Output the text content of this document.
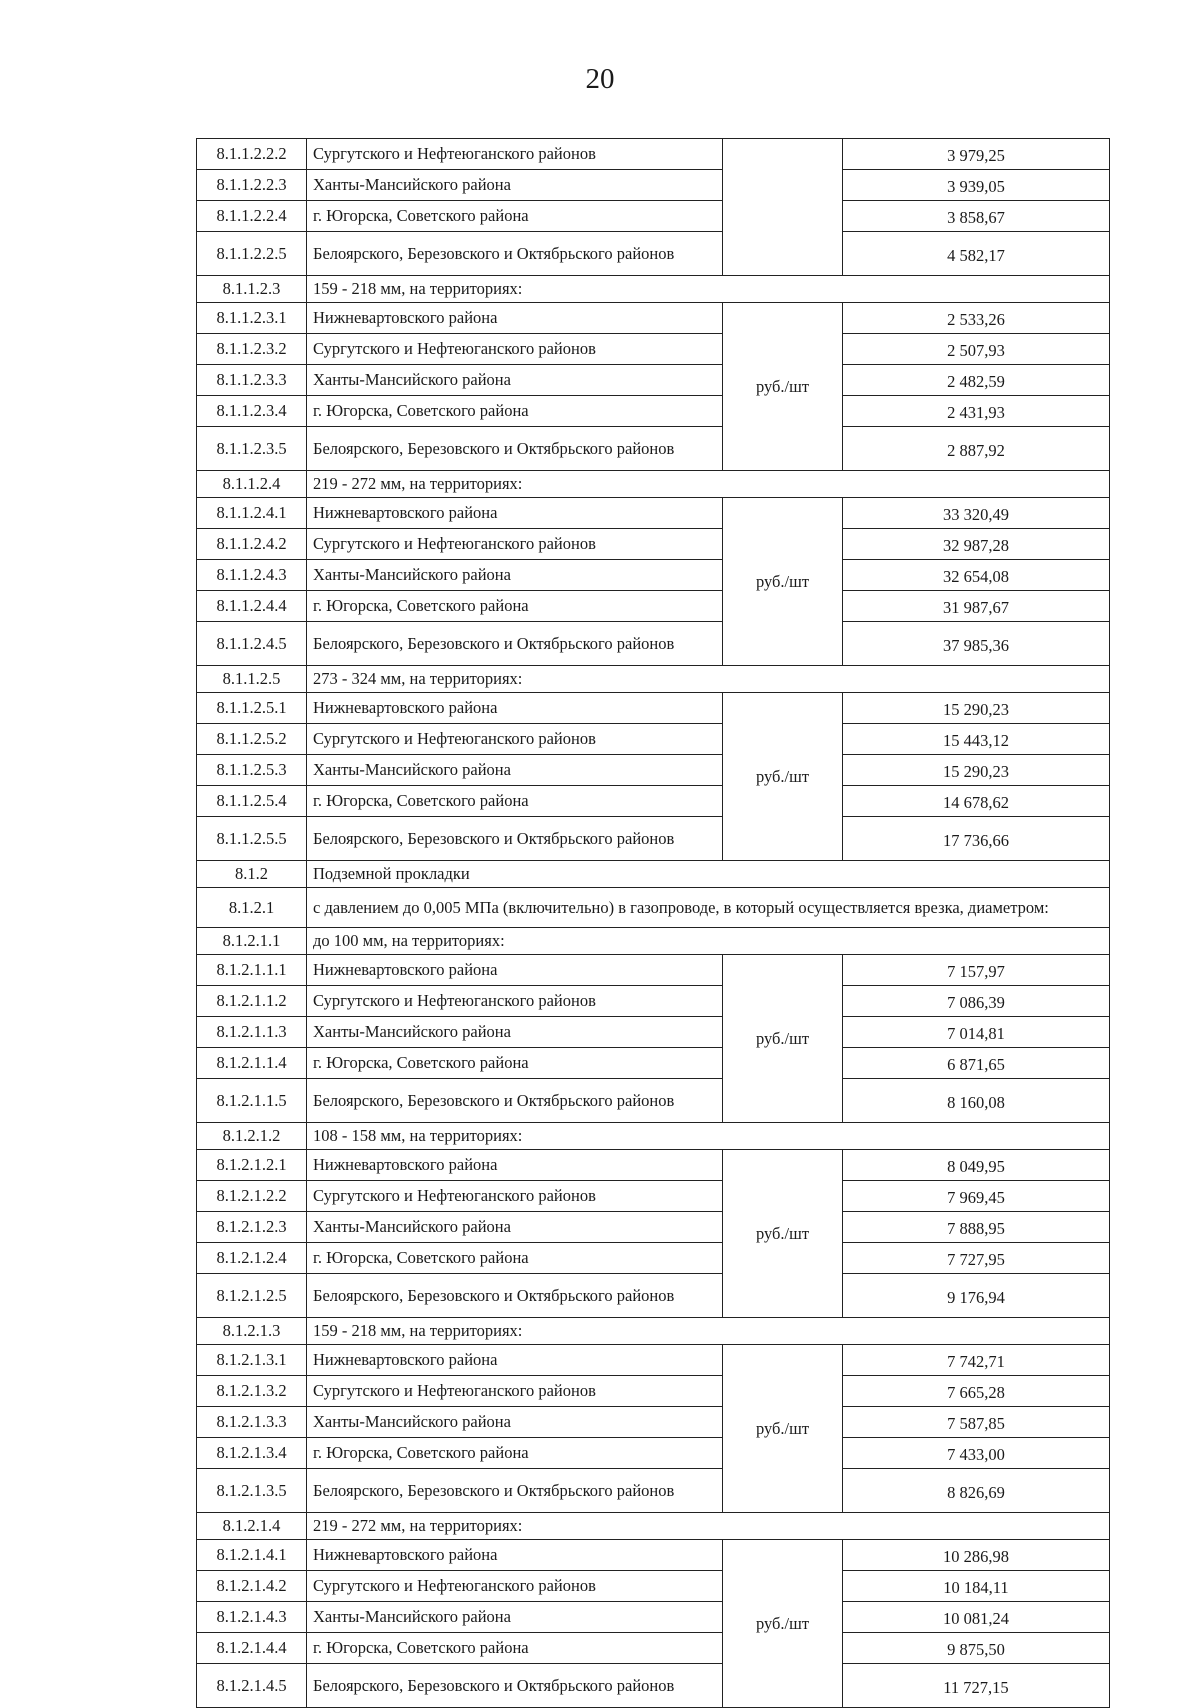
20
8.1.1.2.2.2	Сургутского и Нефтеюганского районов		3 979,25
8.1.1.2.2.3	Ханты-Мансийского района		3 939,05
8.1.1.2.2.4	г. Югорска, Советского района		3 858,67
8.1.1.2.2.5	Белоярского, Березовского и Октябрьского районов		4 582,17
8.1.1.2.3	159 - 218 мм, на территориях:		
8.1.1.2.3.1	Нижневартовского района	руб./шт	2 533,26
8.1.1.2.3.2	Сургутского и Нефтеюганского районов		2 507,93
8.1.1.2.3.3	Ханты-Мансийского района		2 482,59
8.1.1.2.3.4	г. Югорска, Советского района		2 431,93
8.1.1.2.3.5	Белоярского, Березовского и Октябрьского районов		2 887,92
8.1.1.2.4	219 - 272 мм, на территориях:		
8.1.1.2.4.1	Нижневартовского района	руб./шт	33 320,49
8.1.1.2.4.2	Сургутского и Нефтеюганского районов		32 987,28
8.1.1.2.4.3	Ханты-Мансийского района		32 654,08
8.1.1.2.4.4	г. Югорска, Советского района		31 987,67
8.1.1.2.4.5	Белоярского, Березовского и Октябрьского районов		37 985,36
8.1.1.2.5	273 - 324 мм, на территориях:		
8.1.1.2.5.1	Нижневартовского района	руб./шт	15 290,23
8.1.1.2.5.2	Сургутского и Нефтеюганского районов		15 443,12
8.1.1.2.5.3	Ханты-Мансийского района		15 290,23
8.1.1.2.5.4	г. Югорска, Советского района		14 678,62
8.1.1.2.5.5	Белоярского, Березовского и Октябрьского районов		17 736,66
8.1.2	Подземной прокладки		
8.1.2.1	с давлением до 0,005 МПа (включительно) в газопроводе, в который осуществляется врезка, диаметром:		
8.1.2.1.1	до 100 мм, на территориях:		
8.1.2.1.1.1	Нижневартовского района	руб./шт	7 157,97
8.1.2.1.1.2	Сургутского и Нефтеюганского районов		7 086,39
8.1.2.1.1.3	Ханты-Мансийского района		7 014,81
8.1.2.1.1.4	г. Югорска, Советского района		6 871,65
8.1.2.1.1.5	Белоярского, Березовского и Октябрьского районов		8 160,08
8.1.2.1.2	108 - 158 мм, на территориях:		
8.1.2.1.2.1	Нижневартовского района	руб./шт	8 049,95
8.1.2.1.2.2	Сургутского и Нефтеюганского районов		7 969,45
8.1.2.1.2.3	Ханты-Мансийского района		7 888,95
8.1.2.1.2.4	г. Югорска, Советского района		7 727,95
8.1.2.1.2.5	Белоярского, Березовского и Октябрьского районов		9 176,94
8.1.2.1.3	159 - 218 мм, на территориях:		
8.1.2.1.3.1	Нижневартовского района	руб./шт	7 742,71
8.1.2.1.3.2	Сургутского и Нефтеюганского районов		7 665,28
8.1.2.1.3.3	Ханты-Мансийского района		7 587,85
8.1.2.1.3.4	г. Югорска, Советского района		7 433,00
8.1.2.1.3.5	Белоярского, Березовского и Октябрьского районов		8 826,69
8.1.2.1.4	219 - 272 мм, на территориях:		
8.1.2.1.4.1	Нижневартовского района	руб./шт	10 286,98
8.1.2.1.4.2	Сургутского и Нефтеюганского районов		10 184,11
8.1.2.1.4.3	Ханты-Мансийского района		10 081,24
8.1.2.1.4.4	г. Югорска, Советского района		9 875,50
8.1.2.1.4.5	Белоярского, Березовского и Октябрьского районов		11 727,15
